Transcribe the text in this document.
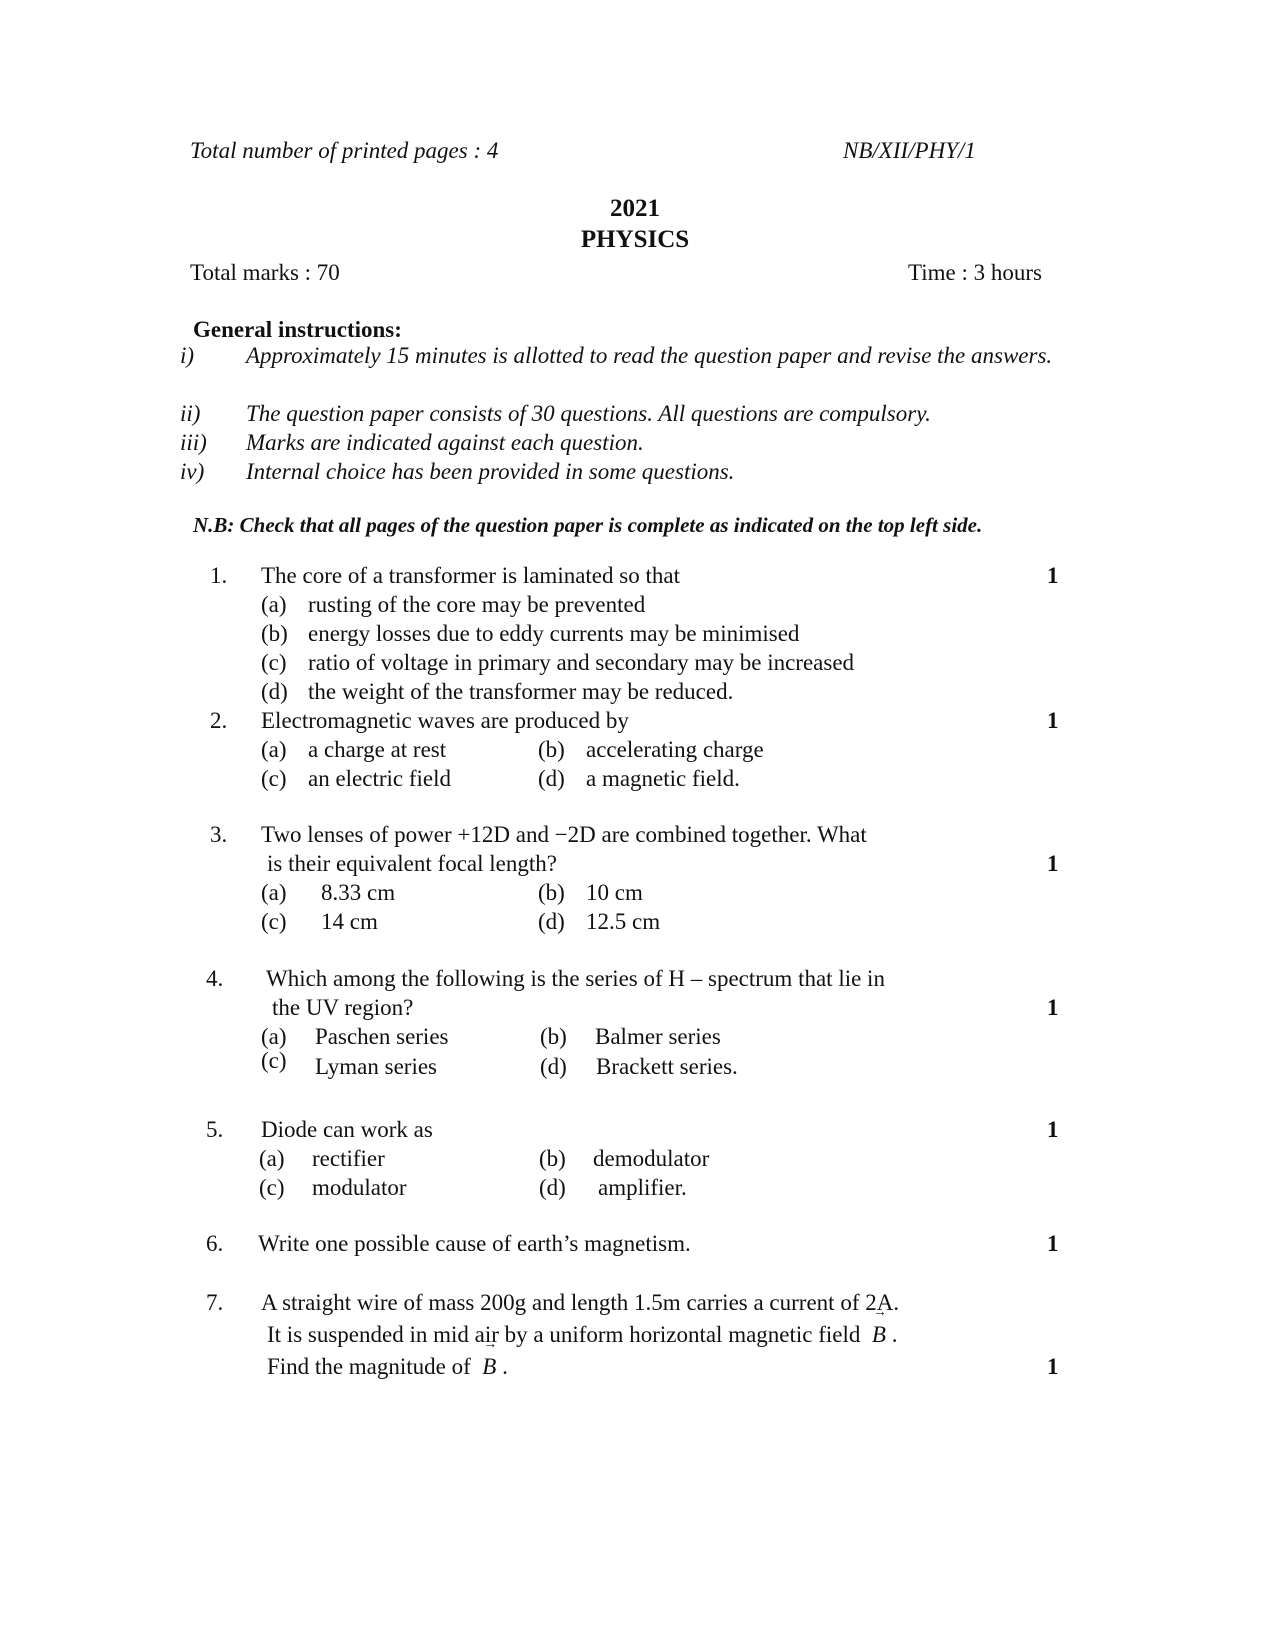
Total number of printed pages : 4	NB/XII/PHY/1
2021
PHYSICS
Total marks : 70	Time : 3 hours
General instructions:
i) Approximately 15 minutes is allotted to read the question paper and revise the answers.
ii) The question paper consists of 30 questions. All questions are compulsory.
iii) Marks are indicated against each question.
iv) Internal choice has been provided in some questions.
N.B: Check that all pages of the question paper is complete as indicated on the top left side.
1. The core of a transformer is laminated so that	1
(a) rusting of the core may be prevented
(b) energy losses due to eddy currents may be minimised
(c) ratio of voltage in primary and secondary may be increased
(d) the weight of the transformer may be reduced.
2. Electromagnetic waves are produced by	1
(a) a charge at rest	(b) accelerating charge
(c) an electric field	(d) a magnetic field.
3. Two lenses of power +12D and −2D are combined together. What
is their equivalent focal length?	1
(a) 8.33 cm	(b) 10 cm
(c) 14 cm	(d) 12.5 cm
4. Which among the following is the series of H – spectrum that lie in
the UV region?	1
(a) Paschen series	(b) Balmer series
(c) Lyman series	(d) Brackett series.
5. Diode can work as	1
(a) rectifier	(b) demodulator
(c) modulator	(d) amplifier.
6. Write one possible cause of earth’s magnetism.	1
7. A straight wire of mass 200g and length 1.5m carries a current of 2A.
It is suspended in mid air by a uniform horizontal magnetic field → B .
Find the magnitude of → B .	1
